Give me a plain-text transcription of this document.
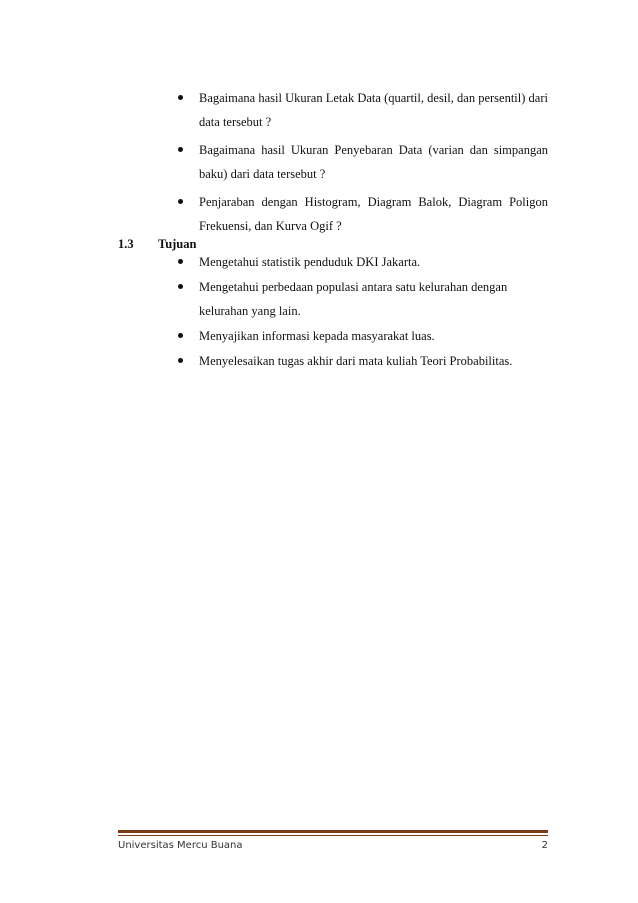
Bagaimana hasil Ukuran Letak Data (quartil, desil, dan persentil) dari data tersebut ?
Bagaimana hasil Ukuran Penyebaran Data (varian dan simpangan baku) dari data tersebut ?
Penjaraban dengan Histogram, Diagram Balok, Diagram Poligon Frekuensi, dan Kurva Ogif ?
1.3 Tujuan
Mengetahui statistik penduduk DKI Jakarta.
Mengetahui perbedaan populasi antara satu kelurahan dengan kelurahan yang lain.
Menyajikan informasi kepada masyarakat luas.
Menyelesaikan tugas akhir dari mata kuliah Teori Probabilitas.
Universitas Mercu Buana	2
